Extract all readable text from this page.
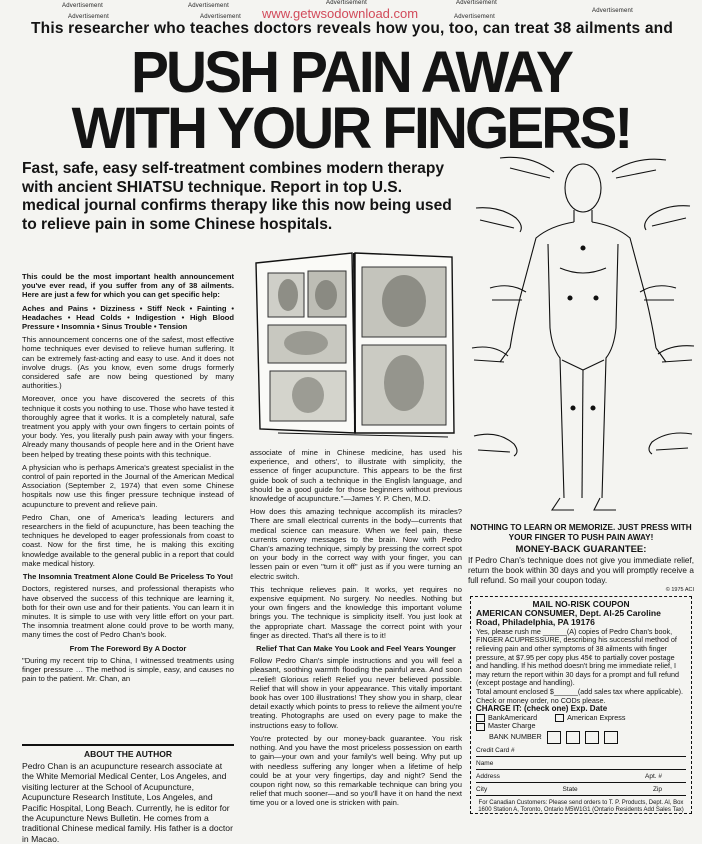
Advertisement
Advertisement
Advertisement
Advertisement
Advertisement	Advertisement
Advertisement
Advertisement
www.getwsodownload.com
This researcher who teaches doctors reveals how you, too, can treat 38 ailments and
PUSH PAIN AWAY
WITH YOUR FINGERS!
Fast, safe, easy self-treatment combines modern therapy with ancient SHIATSU technique. Report in top U.S. medical journal confirms therapy like this now being used to relieve pain in some Chinese hospitals.

This could be the most important health announcement you've ever read, if you suffer from any of 38 ailments. Here are just a few for which you can get specific help:

Aches and Pains • Dizziness • Stiff Neck • Fainting • Headaches • Head Colds • Indigestion • High Blood Pressure • Insomnia • Sinus Trouble • Tension

This announcement concerns one of the safest, most effective home techniques ever devised to relieve human suffering. It can be extremely fast-acting and easy to use. And it does not involve drugs. (As you know, even some drugs formerly considered safe are now being questioned by many authorities.)

Moreover, once you have discovered the secrets of this technique it costs you nothing to use. Those who have tested it thoroughly agree that it works. It is a completely natural, safe treatment you apply with your own fingers to certain points of your body. Yes, you literally push pain away with your fingers. Already many thousands of people here and in the Orient have been helped by treating these points with this technique.

A physician who is perhaps America's greatest specialist in the control of pain reported in the Journal of the American Medical Association (September 2, 1974) that even some Chinese hospitals now use this finger pressure technique instead of acupuncture to prevent and relieve pain.

Pedro Chan, one of America's leading lecturers and researchers in the field of acupuncture, has been teaching the techniques he developed to eager professionals from coast to coast. Now for the first time, he is making this exciting knowledge available to the general public in a report that could make medical history.

The Insomnia Treatment Alone Could Be Priceless To You!

Doctors, registered nurses, and professional therapists who have observed the success of this technique are learning it, both for their own use and for their patients. You can learn it in minutes. It is simple to use with very little effort on your part. The insomnia treatment alone could prove to be worth many, many times the cost of Pedro Chan's book.

From The Foreword By A Doctor

"During my recent trip to China, I witnessed treatments using finger pressure … The method is simple, easy, and causes no pain to the patient. Mr. Chan, an

ABOUT THE AUTHOR
Pedro Chan is an acupuncture research associate at the White Memorial Medical Center, Los Angeles, and visiting lecturer at the School of Acupuncture, Acupuncture Research Institute, Los Angeles, and Pacific Hospital, Long Beach. Currently, he is editor for the Acupuncture News Bulletin. He comes from a traditional Chinese medical family. His father is a doctor in Macao.

associate of mine in Chinese medicine, has used his experience, and others', to illustrate with simplicity, the essence of finger acupuncture. This appears to be the first guide book of such a technique in the English language, and should be a good guide for those beginners without previous knowledge of acupuncture."—James Y. P. Chen, M.D.

How does this amazing technique accomplish its miracles? There are small electrical currents in the body—currents that medical science can measure. When we feel pain, these currents convey messages to the brain. Now with Pedro Chan's amazing technique, simply by pressing the correct spot on your body in the correct way with your finger, you can lessen pain or even "turn it off" just as if you were turning an electric switch.

This technique relieves pain. It works, yet requires no expensive equipment. No surgery. No needles. Nothing but your own fingers and the knowledge this important volume brings you. The technique is simplicity itself. You just look at the appropriate chart. Massage the correct point with your finger as directed. That's all there is to it!

Relief That Can Make You Look and Feel Years Younger

Follow Pedro Chan's simple instructions and you will feel a pleasant, soothing warmth flooding the painful area. And soon—relief! Glorious relief! Relief you never believed possible. Relief that will show in your appearance. This vitally important book has over 100 illustrations! They show you in sharp, clear detail exactly which points to press to relieve the ailment you're treating. Photographs are used on every page to make the instructions easy to follow.

You're protected by our money-back guarantee. You risk nothing. And you have the most priceless possession on earth to gain—your own and your family's well being. Why put up with needless suffering any longer when a lifetime of help could be at your very fingertips, day and night? Send the coupon right now, so this remarkable technique can bring you relief that much sooner—and so you'll have it on hand the next time you or a loved one is stricken with pain.

NOTHING TO LEARN OR MEMORIZE. JUST PRESS WITH YOUR FINGER TO PUSH PAIN AWAY!
MONEY-BACK GUARANTEE:
If Pedro Chan's technique does not give you immediate relief, return the book within 30 days and you will promptly receive a full refund. So mail your coupon today.
© 1975 ACI
MAIL NO-RISK COUPON
AMERICAN CONSUMER, Dept. Al-25 Caroline Road, Philadelphia, PA 19176
Yes, please rush me ______(A) copies of Pedro Chan's book, FINGER ACUPRESSURE, describing his successful method of relieving pain and other symptoms of 38 ailments with finger pressure, at $7.95 per copy plus 45¢ to partially cover postage and handling. If his method doesn't bring me immediate relief, I may return the report within 30 days for a prompt and full refund (except postage and handling).
Total amount enclosed $______(add sales tax where applicable). Check or money order, no CODs please.
CHARGE IT: (check one) Exp. Date
BankAmericard	American Express
Master Charge
BANK NUMBER
Credit Card #
Name
Address	Apt. #
City	State	Zip
For Canadian Customers: Please send orders to T. P. Products, Dept. Al, Box 1600 Station A, Toronto, Ontario M5W1G1 (Ontario Residents Add Sales Tax)
